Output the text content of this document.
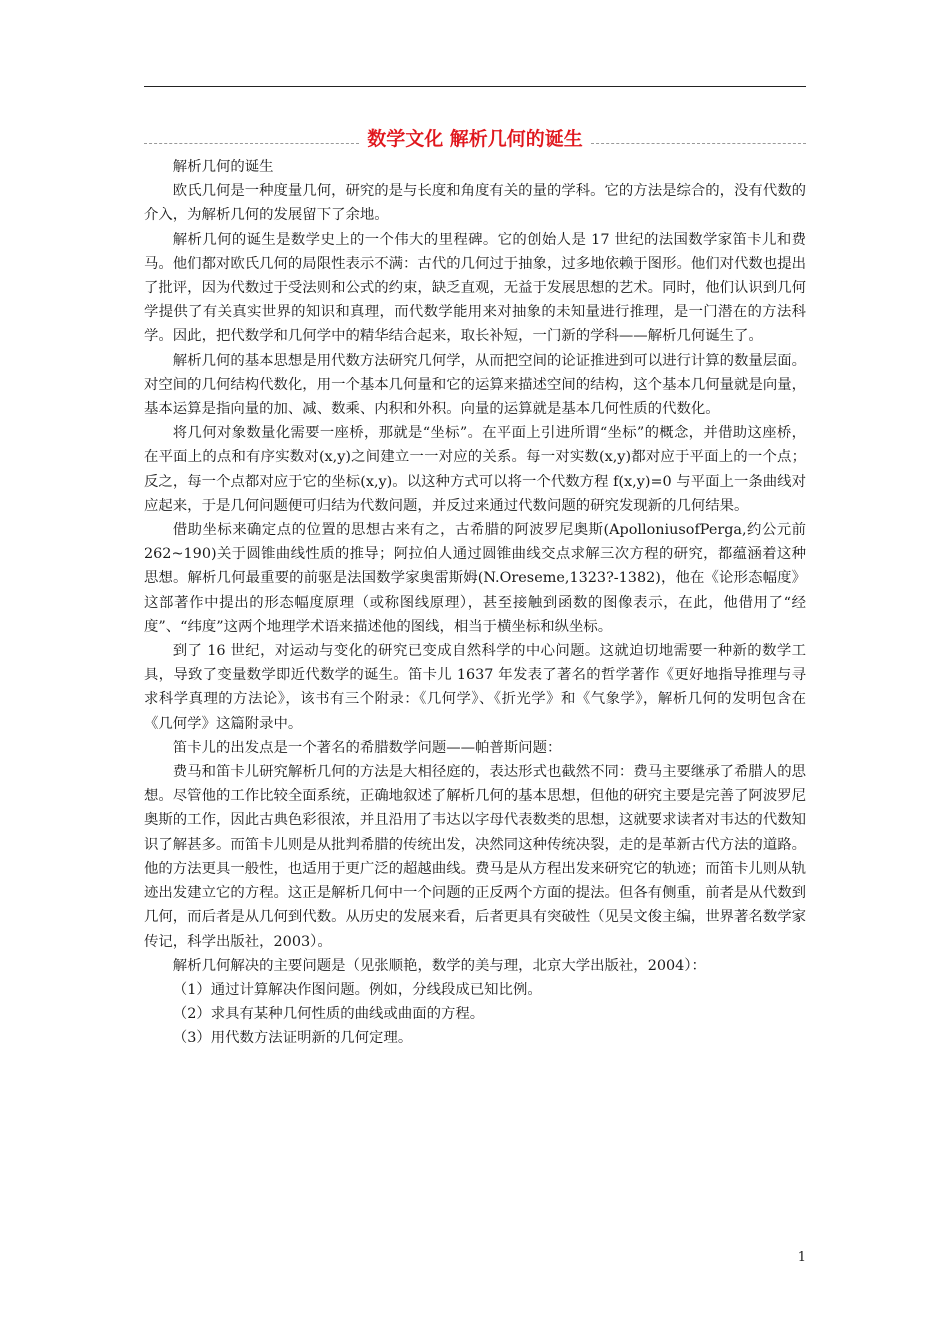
数学文化 解析几何的诞生

解析几何的诞生

欧氏几何是一种度量几何，研究的是与长度和角度有关的量的学科。它的方法是综合的，没有代数的介入，为解析几何的发展留下了余地。

解析几何的诞生是数学史上的一个伟大的里程碑。它的创始人是 17 世纪的法国数学家笛卡儿和费马。他们都对欧氏几何的局限性表示不满：古代的几何过于抽象，过多地依赖于图形。他们对代数也提出了批评，因为代数过于受法则和公式的约束，缺乏直观，无益于发展思想的艺术。同时，他们认识到几何学提供了有关真实世界的知识和真理，而代数学能用来对抽象的未知量进行推理，是一门潜在的方法科学。因此，把代数学和几何学中的精华结合起来，取长补短，一门新的学科——解析几何诞生了。

解析几何的基本思想是用代数方法研究几何学，从而把空间的论证推进到可以进行计算的数量层面。对空间的几何结构代数化，用一个基本几何量和它的运算来描述空间的结构，这个基本几何量就是向量，基本运算是指向量的加、减、数乘、内积和外积。向量的运算就是基本几何性质的代数化。

将几何对象数量化需要一座桥，那就是“坐标”。在平面上引进所谓“坐标”的概念，并借助这座桥，在平面上的点和有序实数对(x,y)之间建立一一对应的关系。每一对实数(x,y)都对应于平面上的一个点；反之，每一个点都对应于它的坐标(x,y)。以这种方式可以将一个代数方程 f(x,y)=0 与平面上一条曲线对应起来，于是几何问题便可归结为代数问题，并反过来通过代数问题的研究发现新的几何结果。

借助坐标来确定点的位置的思想古来有之，古希腊的阿波罗尼奥斯(ApolloniusofPerga,约公元前 262~190)关于圆锥曲线性质的推导；阿拉伯人通过圆锥曲线交点求解三次方程的研究，都蕴涵着这种思想。解析几何最重要的前驱是法国数学家奥雷斯姆(N.Oreseme,1323?-1382)，他在《论形态幅度》这部著作中提出的形态幅度原理（或称图线原理），甚至接触到函数的图像表示，在此，他借用了“经度”、“纬度”这两个地理学术语来描述他的图线，相当于横坐标和纵坐标。

到了 16 世纪，对运动与变化的研究已变成自然科学的中心问题。这就迫切地需要一种新的数学工具，导致了变量数学即近代数学的诞生。笛卡儿 1637 年发表了著名的哲学著作《更好地指导推理与寻求科学真理的方法论》，该书有三个附录：《几何学》、《折光学》和《气象学》，解析几何的发明包含在《几何学》这篇附录中。

笛卡儿的出发点是一个著名的希腊数学问题——帕普斯问题：

费马和笛卡儿研究解析几何的方法是大相径庭的，表达形式也截然不同：费马主要继承了希腊人的思想。尽管他的工作比较全面系统，正确地叙述了解析几何的基本思想，但他的研究主要是完善了阿波罗尼奥斯的工作，因此古典色彩很浓，并且沿用了韦达以字母代表数类的思想，这就要求读者对韦达的代数知识了解甚多。而笛卡儿则是从批判希腊的传统出发，决然同这种传统决裂，走的是革新古代方法的道路。他的方法更具一般性，也适用于更广泛的超越曲线。费马是从方程出发来研究它的轨迹；而笛卡儿则从轨迹出发建立它的方程。这正是解析几何中一个问题的正反两个方面的提法。但各有侧重，前者是从代数到几何，而后者是从几何到代数。从历史的发展来看，后者更具有突破性（见吴文俊主编，世界著名数学家传记，科学出版社，2003）。

解析几何解决的主要问题是（见张顺艳，数学的美与理，北京大学出版社，2004）：

（1）通过计算解决作图问题。例如，分线段成已知比例。

（2）求具有某种几何性质的曲线或曲面的方程。

（3）用代数方法证明新的几何定理。

1
